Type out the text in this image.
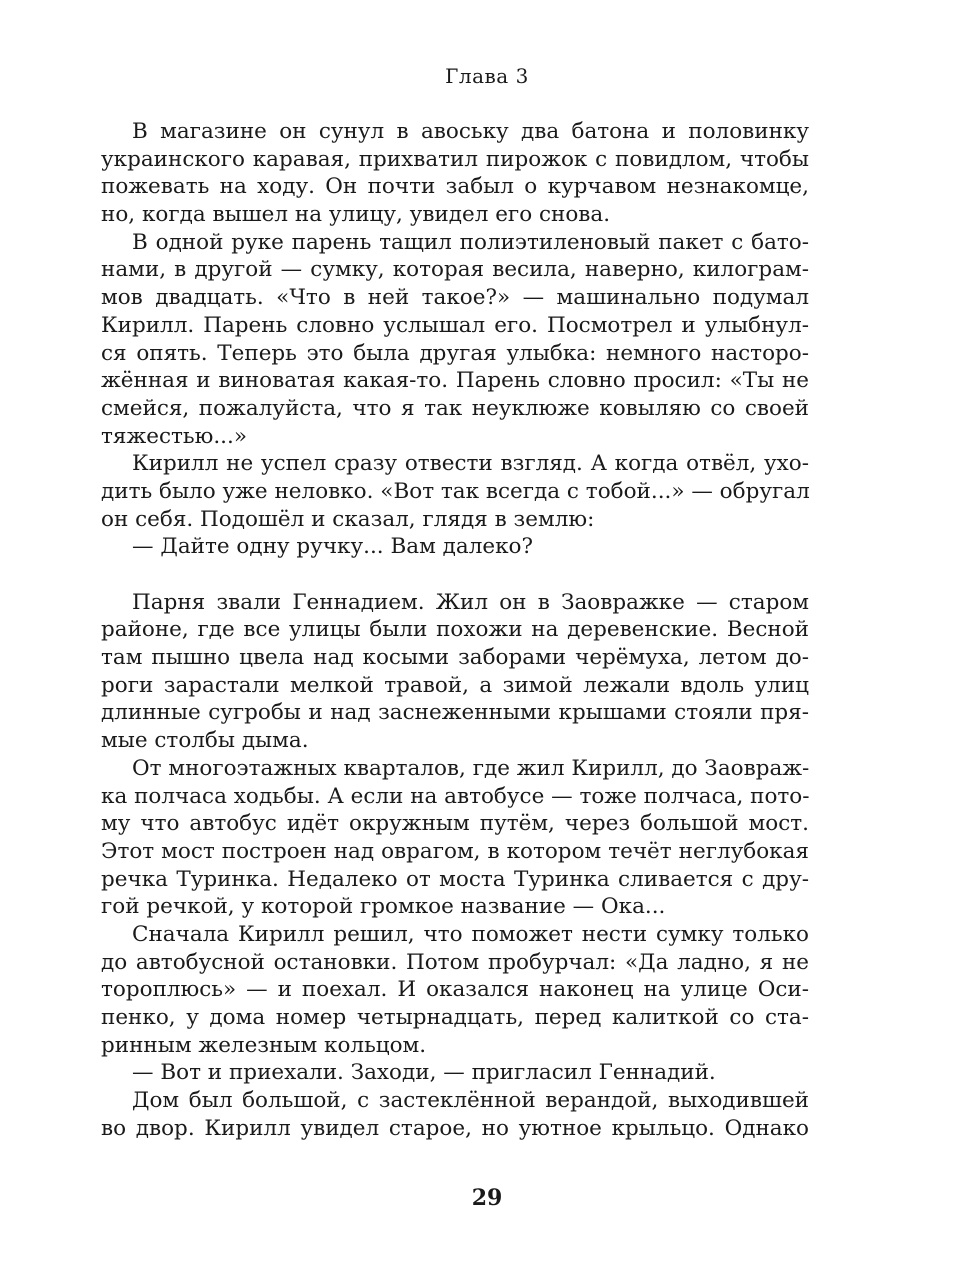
Глава 3
В магазине он сунул в авоську два батона и половинку
украинского каравая, прихватил пирожок с повидлом, чтобы
пожевать на ходу. Он почти забыл о курчавом незнакомце,
но, когда вышел на улицу, увидел его снова.
В одной руке парень тащил полиэтиленовый пакет с бато-
нами, в другой — сумку, которая весила, наверно, килограм-
мов двадцать. «Что в ней такое?» — машинально подумал
Кирилл. Парень словно услышал его. Посмотрел и улыбнул-
ся опять. Теперь это была другая улыбка: немного насторо-
жённая и виноватая какая-то. Парень словно просил: «Ты не
смейся, пожалуйста, что я так неуклюже ковыляю со своей
тяжестью...»
Кирилл не успел сразу отвести взгляд. А когда отвёл, ухо-
дить было уже неловко. «Вот так всегда с тобой...» — обругал
он себя. Подошёл и сказал, глядя в землю:
— Дайте одну ручку... Вам далеко?
Парня звали Геннадием. Жил он в Заовражке — старом
районе, где все улицы были похожи на деревенские. Весной
там пышно цвела над косыми заборами черёмуха, летом до-
роги зарастали мелкой травой, а зимой лежали вдоль улиц
длинные сугробы и над заснеженными крышами стояли пря-
мые столбы дыма.
От многоэтажных кварталов, где жил Кирилл, до Заовраж-
ка полчаса ходьбы. А если на автобусе — тоже полчаса, пото-
му что автобус идёт окружным путём, через большой мост.
Этот мост построен над оврагом, в котором течёт неглубокая
речка Туринка. Недалеко от моста Туринка сливается с дру-
гой речкой, у которой громкое название — Ока...
Сначала Кирилл решил, что поможет нести сумку только
до автобусной остановки. Потом пробурчал: «Да ладно, я не
тороплюсь» — и поехал. И оказался наконец на улице Оси-
пенко, у дома номер четырнадцать, перед калиткой со ста-
ринным железным кольцом.
— Вот и приехали. Заходи, — пригласил Геннадий.
Дом был большой, с застеклённой верандой, выходившей
во двор. Кирилл увидел старое, но уютное крыльцо. Однако
29
